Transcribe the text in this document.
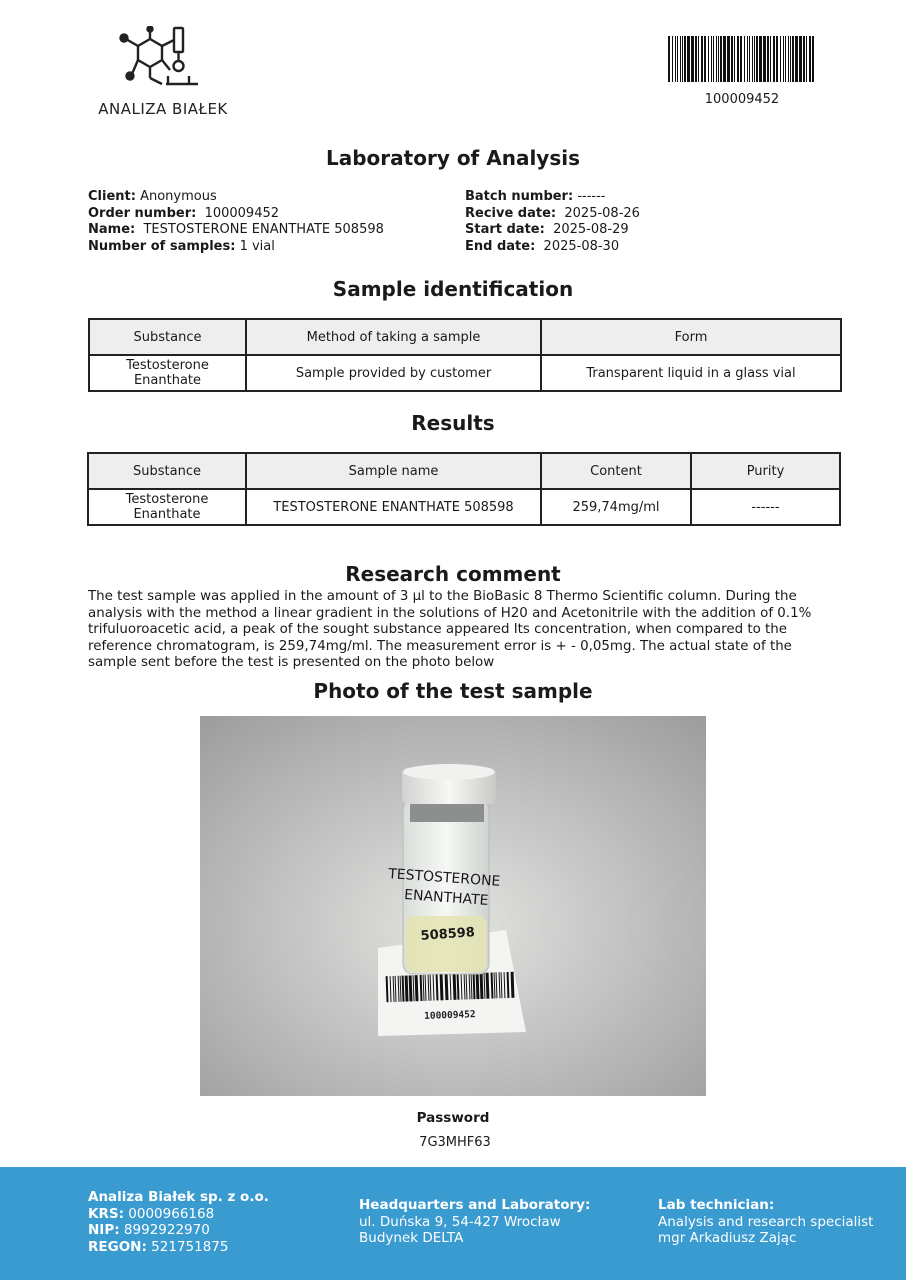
ANALIZA BIAŁEK
100009452
Laboratory of Analysis
Client: Anonymous
Order number: 100009452
Name: TESTOSTERONE ENANTHATE 508598
Number of samples: 1 vial
Batch number: ------
Recive date: 2025-08-26
Start date: 2025-08-29
End date: 2025-08-30
Sample identification
Substance	Method of taking a sample	Form
Testosterone Enanthate	Sample provided by customer	Transparent liquid in a glass vial
Results
Substance	Sample name	Content	Purity
Testosterone Enanthate	TESTOSTERONE ENANTHATE 508598	259,74mg/ml	------
Research comment
The test sample was applied in the amount of 3 µl to the BioBasic 8 Thermo Scientific column. During the analysis with the method a linear gradient in the solutions of H20 and Acetonitrile with the addition of 0.1% trifuluoroacetic acid, a peak of the sought substance appeared Its concentration, when compared to the reference chromatogram, is 259,74mg/ml. The measurement error is + - 0,05mg. The actual state of the sample sent before the test is presented on the photo below
Photo of the test sample
100009452
TESTOSTERONE
ENANTHATE
508598
Password
7G3MHF63
Analiza Białek sp. z o.o.
KRS: 0000966168
NIP: 8992922970
REGON: 521751875
Headquarters and Laboratory:
ul. Duńska 9, 54-427 Wrocław
Budynek DELTA
Lab technician:
Analysis and research specialist
mgr Arkadiusz Zając
